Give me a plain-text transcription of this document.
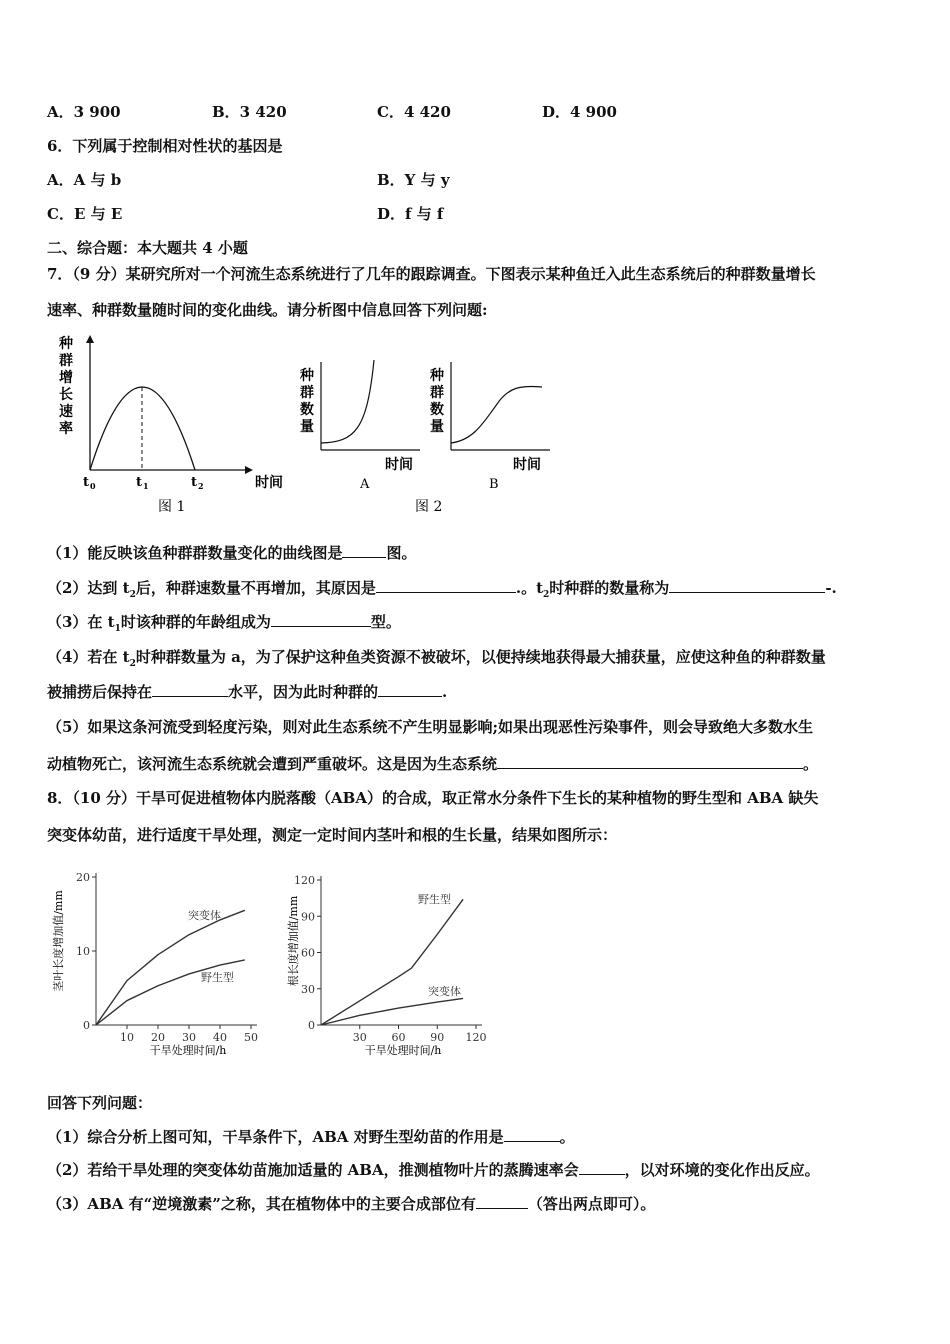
A．3 900	B．3 420	C．4 420	D．4 900
6．下列属于控制相对性状的基因是
A．A 与 b	B．Y 与 y
C．E 与 E	D．f 与 f
二、综合题：本大题共 4 小题
7．（9 分）某研究所对一个河流生态系统进行了几年的跟踪调查。下图表示某种鱼迁入此生态系统后的种群数量增长
速率、种群数量随时间的变化曲线。请分析图中信息回答下列问题:
种
群
增
长
速
率
t 0	t 1	t 2	时间
图 1
种
群
数
量
时间
A
种
群
数
量
时间
B
图 2
（1）能反映该鱼种群群数量变化的曲线图是	图。
（2）达到 $t_2$后，种群速数量不再增加，其原因是	.。$t_2$时种群的数量称为	-.
（3）在 $t_1$时该种群的年龄组成为	型。
（4）若在 $t_2$时种群数量为 a，为了保护这种鱼类资源不被破坏，以便持续地获得最大捕获量，应使这种鱼的种群数量
被捕捞后保持在	水平，因为此时种群的	.
（5）如果这条河流受到轻度污染，则对此生态系统不产生明显影响;如果出现恶性污染事件，则会导致绝大多数水生
动植物死亡，该河流生态系统就会遭到严重破坏。这是因为生态系统	。
8．（10 分）干旱可促进植物体内脱落酸（ABA）的合成，取正常水分条件下生长的某种植物的野生型和 ABA 缺失
突变体幼苗，进行适度干旱处理，测定一定时间内茎叶和根的生长量，结果如图所示：
茎叶长度增加值/mm
0
10
20
10 20 30 40 50
突变体
野生型
干旱处理时间/h
根长度增加值/mm
0
30
60
90
120
30 60 90 120
野生型
突变体
干旱处理时间/h
回答下列问题：
（1）综合分析上图可知，干旱条件下，ABA 对野生型幼苗的作用是	。
（2）若给干旱处理的突变体幼苗施加适量的 ABA，推测植物叶片的蒸腾速率会	，以对环境的变化作出反应。
（3）ABA 有“逆境激素”之称，其在植物体中的主要合成部位有	（答出两点即可）。
